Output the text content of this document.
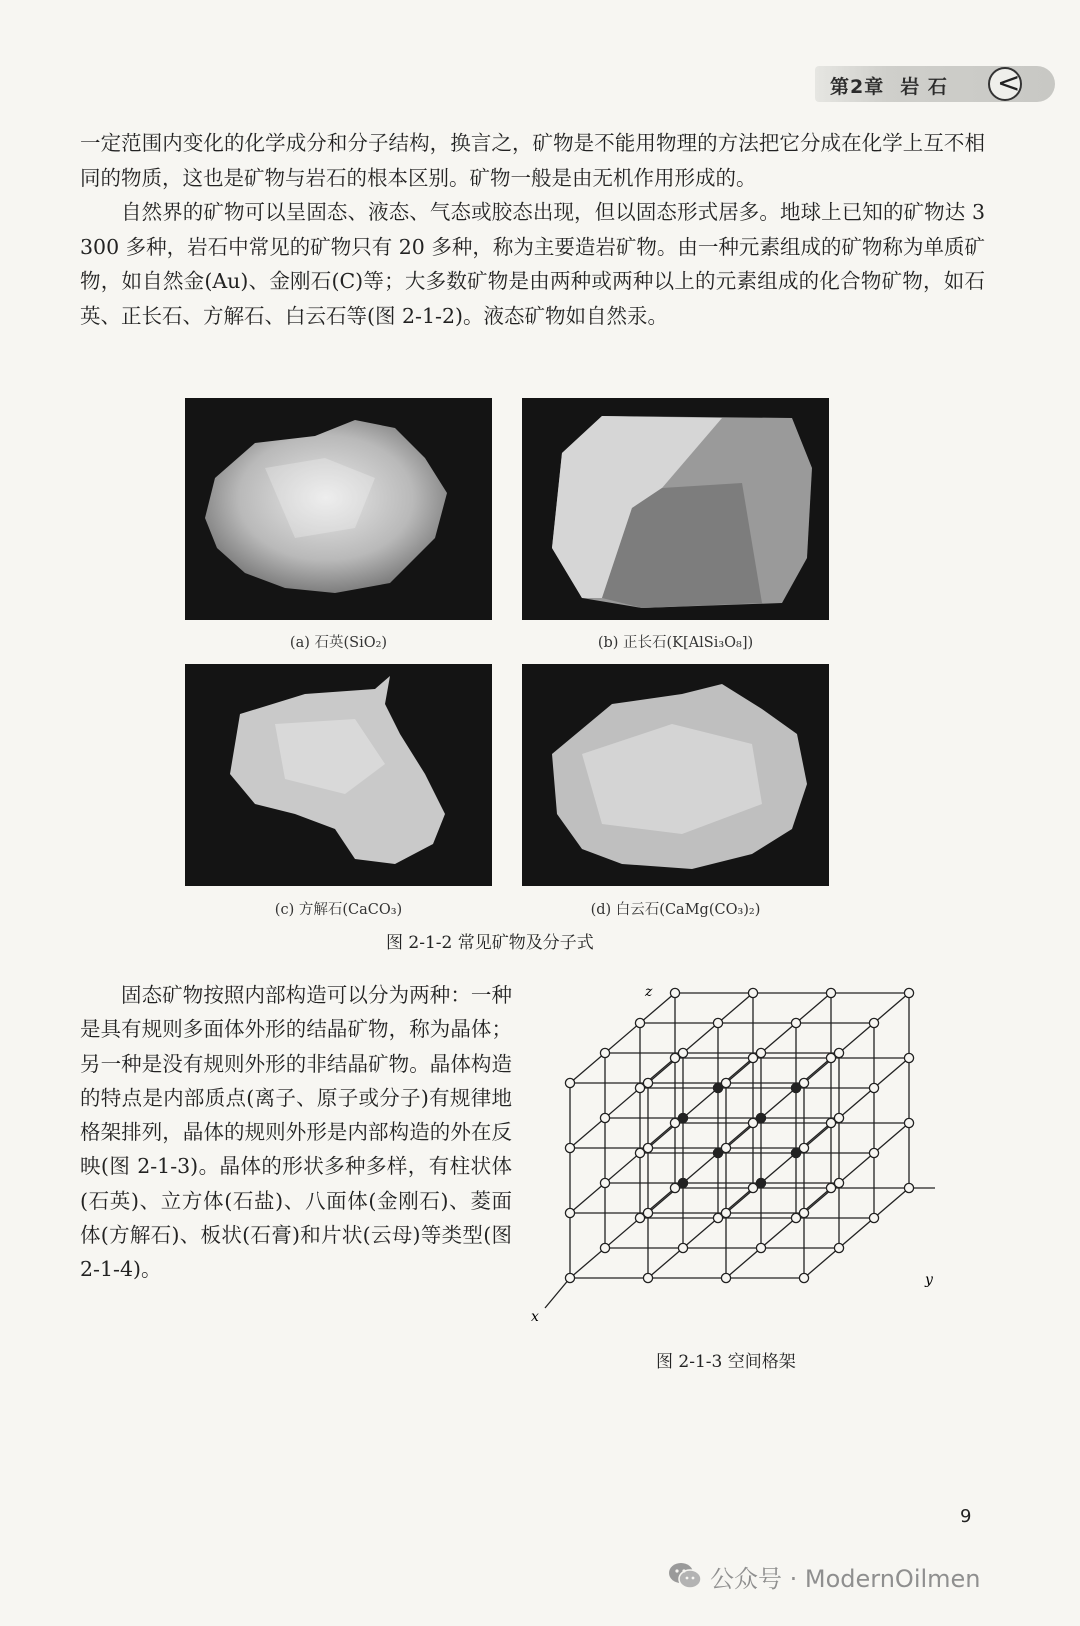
第2章 岩 石 <

一定范围内变化的化学成分和分子结构，换言之，矿物是不能用物理的方法把它分成在化学上互不相同的物质，这也是矿物与岩石的根本区别。矿物一般是由无机作用形成的。

自然界的矿物可以呈固态、液态、气态或胶态出现，但以固态形式居多。地球上已知的矿物达 3 300 多种，岩石中常见的矿物只有 20 多种，称为主要造岩矿物。由一种元素组成的矿物称为单质矿物，如自然金(Au)、金刚石(C)等；大多数矿物是由两种或两种以上的元素组成的化合物矿物，如石英、正长石、方解石、白云石等(图 2-1-2)。液态矿物如自然汞。

(a) 石英(SiO₂)	(b) 正长石(K[AlSi₃O₈])
(c) 方解石(CaCO₃)	(d) 白云石(CaMg(CO₃)₂)
图 2-1-2 常见矿物及分子式

固态矿物按照内部构造可以分为两种：一种是具有规则多面体外形的结晶矿物，称为晶体；另一种是没有规则外形的非结晶矿物。晶体构造的特点是内部质点(离子、原子或分子)有规律地格架排列，晶体的规则外形是内部构造的外在反映(图 2-1-3)。晶体的形状多种多样，有柱状体(石英)、立方体(石盐)、八面体(金刚石)、菱面体(方解石)、板状(石膏)和片状(云母)等类型(图 2-1-4)。

z
y
x
图 2-1-3 空间格架
9
公众号 · ModernOilmen
